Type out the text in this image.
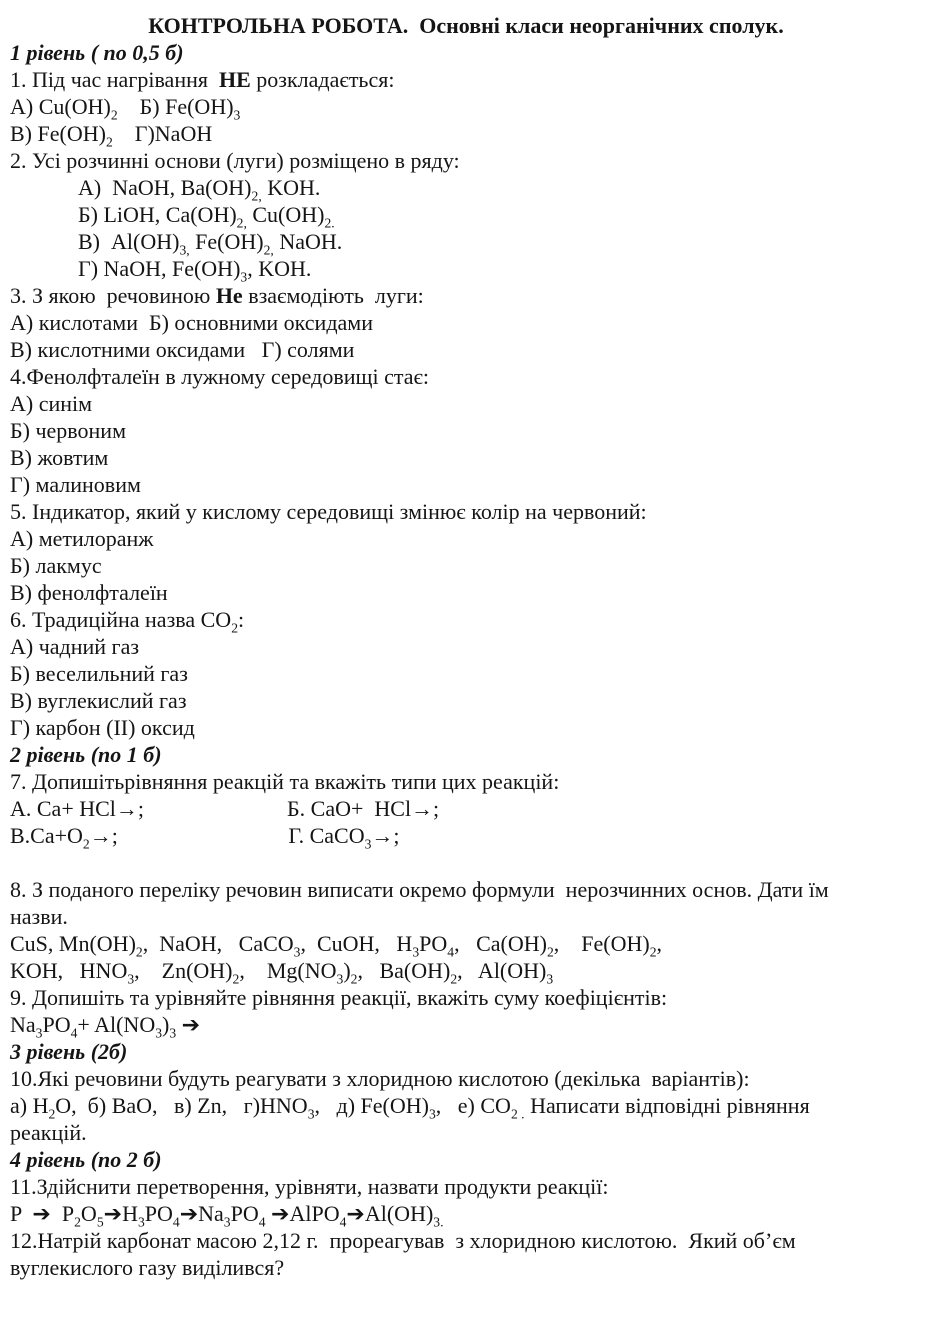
КОНТРОЛЬНА РОБОТА.  Основні класи неорганічних сполук.
1 рівень ( по 0,5 б)
1. Під час нагрівання  НЕ розкладається:
А) $Cu(OH)_2$    Б) $Fe(OH)_3$
В) $Fe(OH)_2$    Г)NaOH
2. Усі розчинні основи (луги) розміщено в ряду:
А)  NaOH, $Ba(OH)_{2,}$ KOH.
Б) LiOH, $Ca(OH)_{2,}$ $Cu(OH)_{2.}$
В)  $Al(OH)_{3,}$ $Fe(OH)_{2,}$ NaOH.
Г) NaOH, $Fe(OH)_3$, KOH.
3. З якою  речовиною Не взаємодіють  луги:
А) кислотами  Б) основними оксидами
В) кислотними оксидами   Г) солями
4.Фенолфталеїн в лужному середовищі стає:
А) синім
Б) червоним
В) жовтим
Г) малиновим
5. Індикатор, який у кислому середовищі змінює колір на червоний:
А) метилоранж
Б) лакмус
В) фенолфталеїн
6. Традиційна назва $CO_2$:
А) чадний газ
Б) веселильний газ
В) вуглекислий газ
Г) карбон (ІІ) оксид
2 рівень (по 1 б)
7. Допишітьрівняння реакцій та вкажіть типи цих реакцій:
А. Ca+ HCl→;                          Б. CaO+  HCl→;
$В.Ca+O_2\to$;                               Г. CaCO$_3$→;
8. З поданого переліку речовин виписати окремо формули  нерозчинних основ. Дати їм
назви.
CuS, $Mn(OH)_2$,  NaOH,   CaCO$_3$,  CuOH,   $H_3PO_4$,   $Ca(OH)_2$,    $Fe(OH)_2$,
KOH,   $HNO_3$,    $Zn(OH)_2$,    $Mg(NO_3)_2$,   $Ba(OH)_2$,   $Al(OH)_3$
9. Допишіть та урівняйте рівняння реакції, вкажіть суму коефіцієнтів:
$Na_3PO_4+ Al(NO_3)_3$ ➔
3 рівень (2б)
10.Які речовини будуть реагувати з хлоридною кислотою (декілька  варіантів):
а) $H_2O$,  б) BaO,   в) Zn,   $г)HNO_3$,   д) $Fe(OH)_3$,   е) $CO_{2 .}$ Написати відповідні рівняння
реакцій.
4 рівень (по 2 б)
11.Здійснити перетворення, урівняти, назвати продукти реакції:
P  ➔  $P_2O_5➔H_3PO_4➔Na_3PO_4$ $➔AlPO_4➔Al(OH)_{3.}$
12.Натрій карбонат масою 2,12 г.  прореагував  з хлоридною кислотою.  Який об’єм
вуглекислого газу виділився?
